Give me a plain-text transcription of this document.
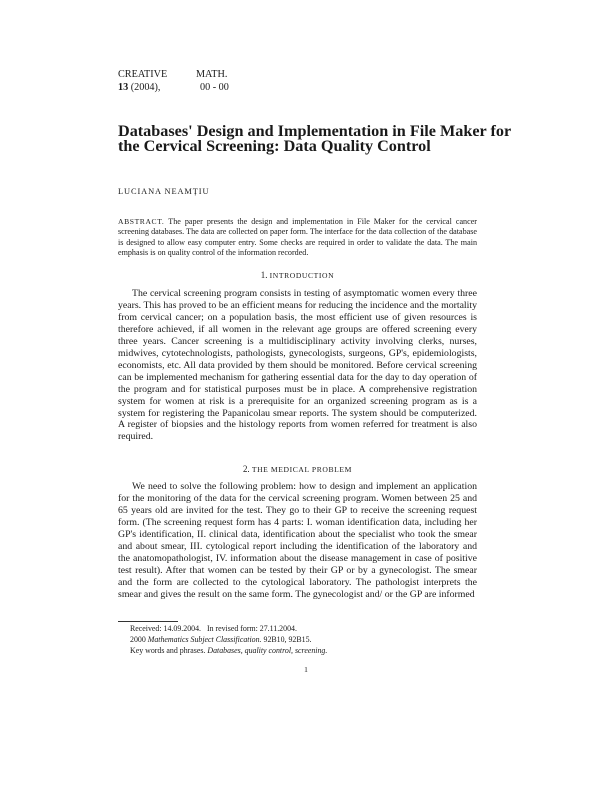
CREATIVE	MATH.
13 (2004),	00 - 00
Databases' Design and Implementation in File Maker for the Cervical Screening: Data Quality Control
LUCIANA NEAMȚIU
ABSTRACT. The paper presents the design and implementation in File Maker for the cervical cancer screening databases. The data are collected on paper form. The interface for the data collection of the database is designed to allow easy computer entry. Some checks are required in order to validate the data. The main emphasis is on quality control of the information recorded.
1. INTRODUCTION

The cervical screening program consists in testing of asymptomatic women every three years. This has proved to be an efficient means for reducing the incidence and the mortality from cervical cancer; on a population basis, the most efficient use of given resources is therefore achieved, if all women in the relevant age groups are offered screening every three years. Cancer screening is a multidisciplinary activity involving clerks, nurses, midwives, cytotechnologists, pathologists, gynecologists, surgeons, GP's, epidemiologists, economists, etc. All data provided by them should be monitored. Before cervical screening can be implemented mechanism for gathering essential data for the day to day operation of the program and for statistical purposes must be in place. A comprehensive registration system for women at risk is a prerequisite for an organized screening program as is a system for registering the Papanicolau smear reports. The system should be computerized. A register of biopsies and the histology reports from women referred for treatment is also required.

2. THE MEDICAL PROBLEM

We need to solve the following problem: how to design and implement an application for the monitoring of the data for the cervical screening program. Women between 25 and 65 years old are invited for the test. They go to their GP to receive the screening request form. (The screening request form has 4 parts: I. woman identification data, including her GP's identification, II. clinical data, identification about the specialist who took the smear and about smear, III. cytological report including the identification of the laboratory and the anatomopathologist, IV. information about the disease management in case of positive test result). After that women can be tested by their GP or by a gynecologist. The smear and the form are collected to the cytological laboratory. The pathologist interprets the smear and gives the result on the same form. The gynecologist and/ or the GP are informed

Received: 14.09.2004. In revised form: 27.11.2004.
2000 Mathematics Subject Classification. 92B10, 92B15.
Key words and phrases. Databases, quality control, screening.
1
